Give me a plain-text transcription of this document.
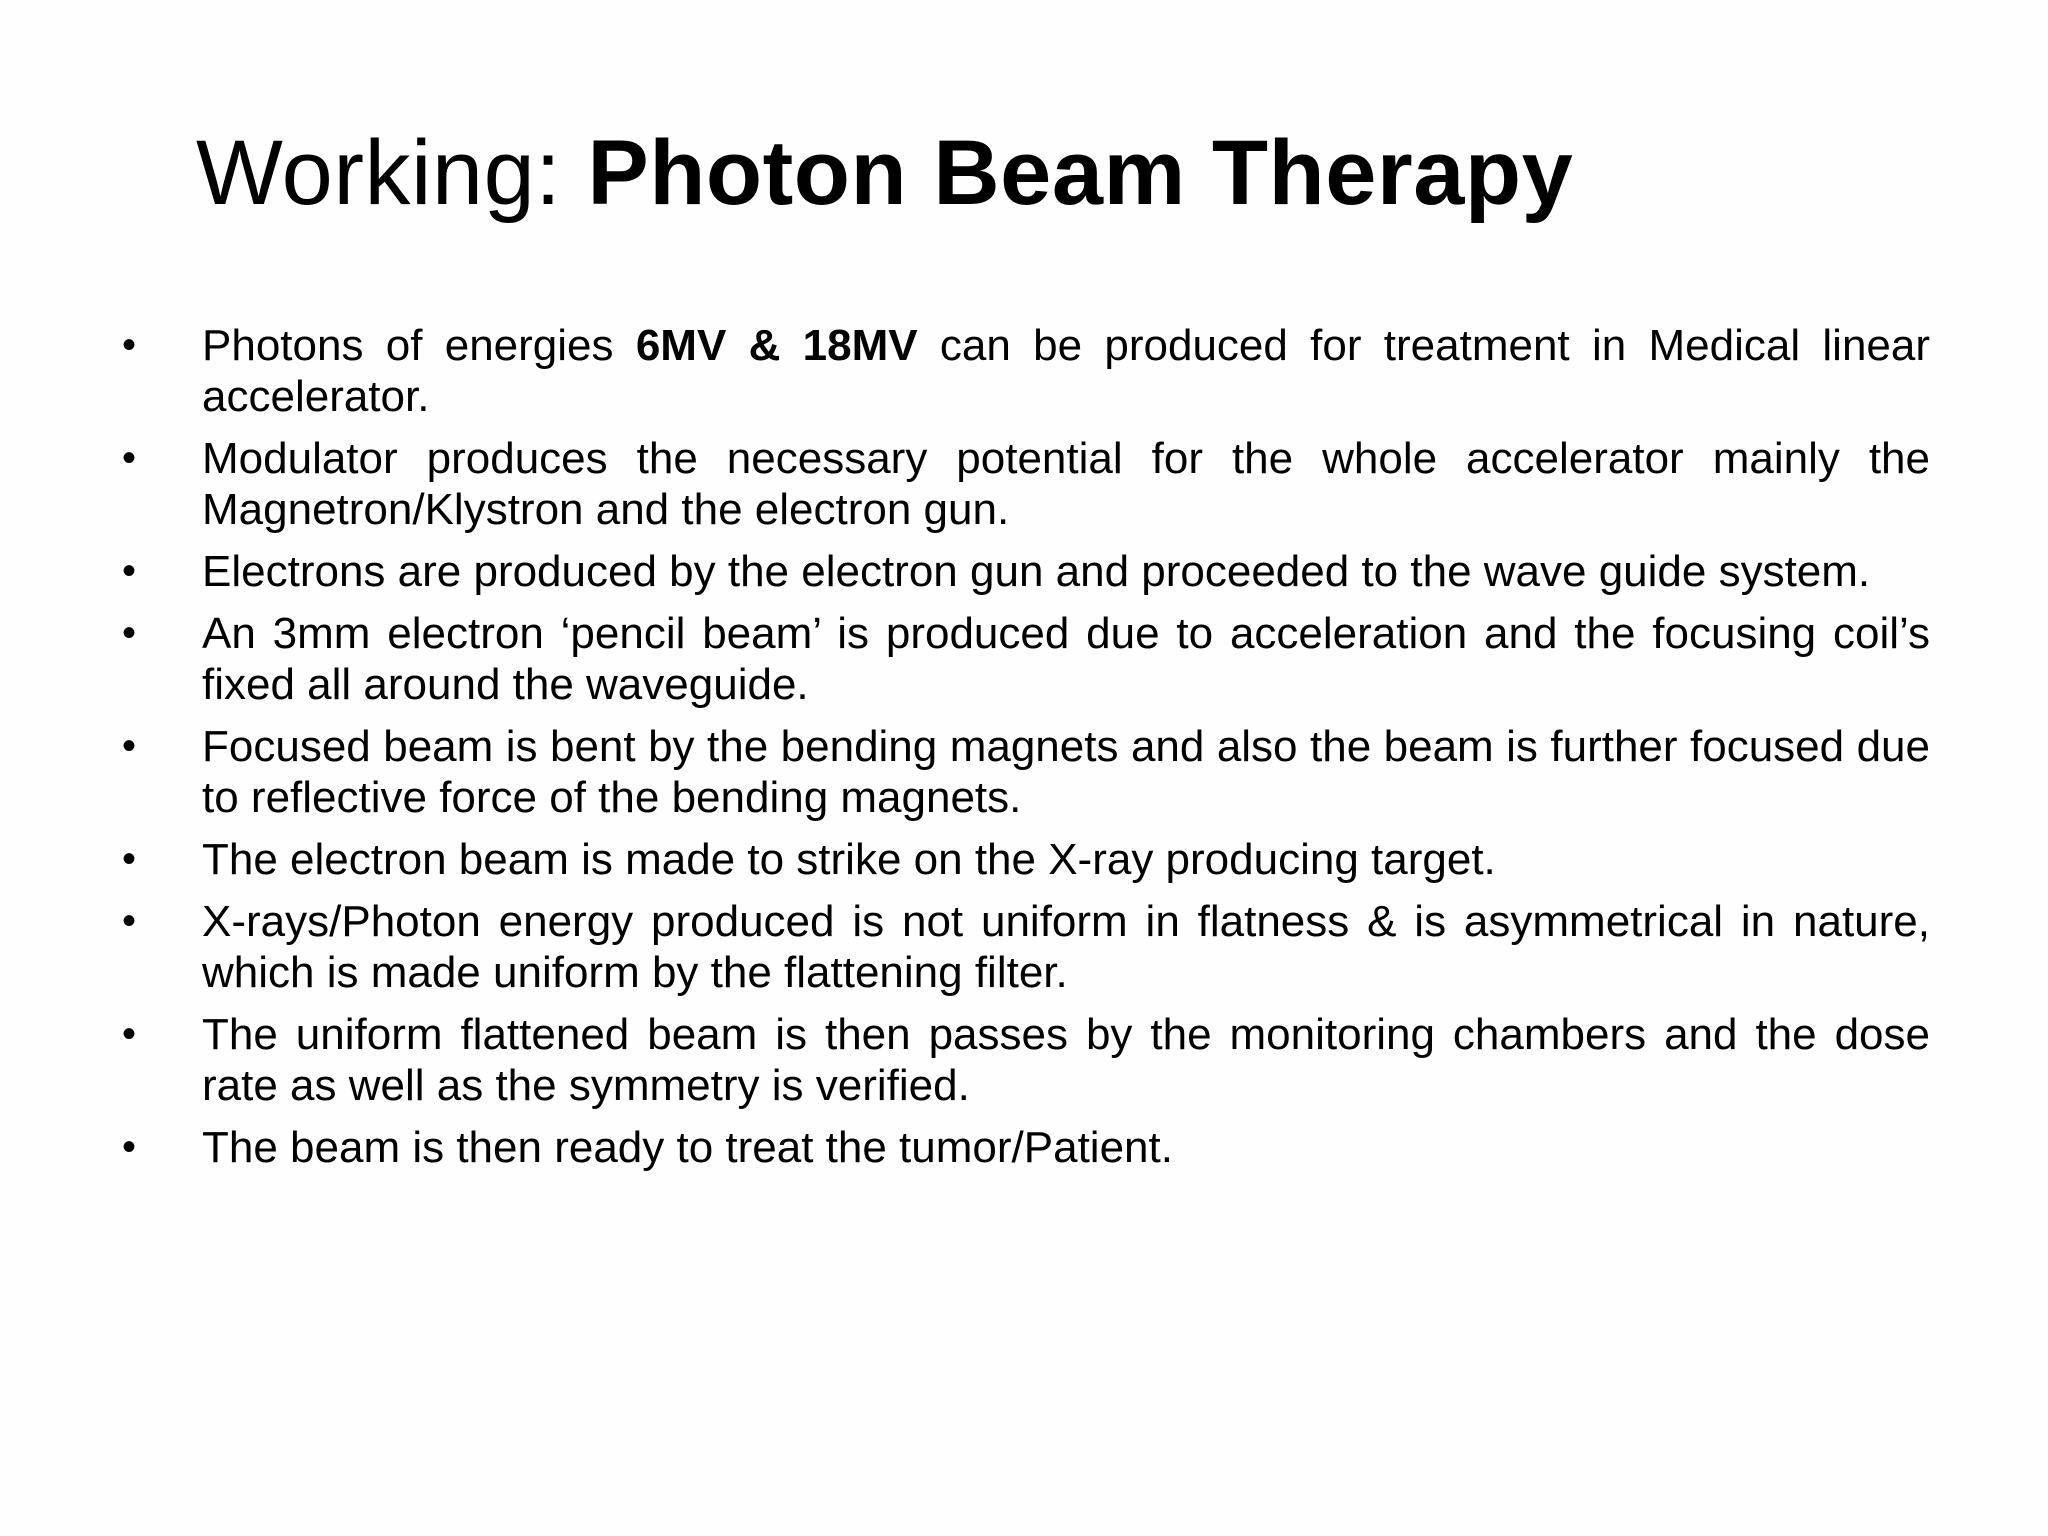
Working: Photon Beam Therapy
• Photons of energies 6MV & 18MV can be produced for treatment in Medical linear accelerator.
• Modulator produces the necessary potential for the whole accelerator mainly the Magnetron/Klystron and the electron gun.
• Electrons are produced by the electron gun and proceeded to the wave guide system.
• An 3mm electron ‘pencil beam’ is produced due to acceleration and the focusing coil’s fixed all around the waveguide.
• Focused beam is bent by the bending magnets and also the beam is further focused due to reflective force of the bending magnets.
• The electron beam is made to strike on the X-ray producing target.
• X-rays/Photon energy produced is not uniform in flatness & is asymmetrical in nature, which is made uniform by the flattening filter.
• The uniform flattened beam is then passes by the monitoring chambers and the dose rate as well as the symmetry is verified.
• The beam is then ready to treat the tumor/Patient.
